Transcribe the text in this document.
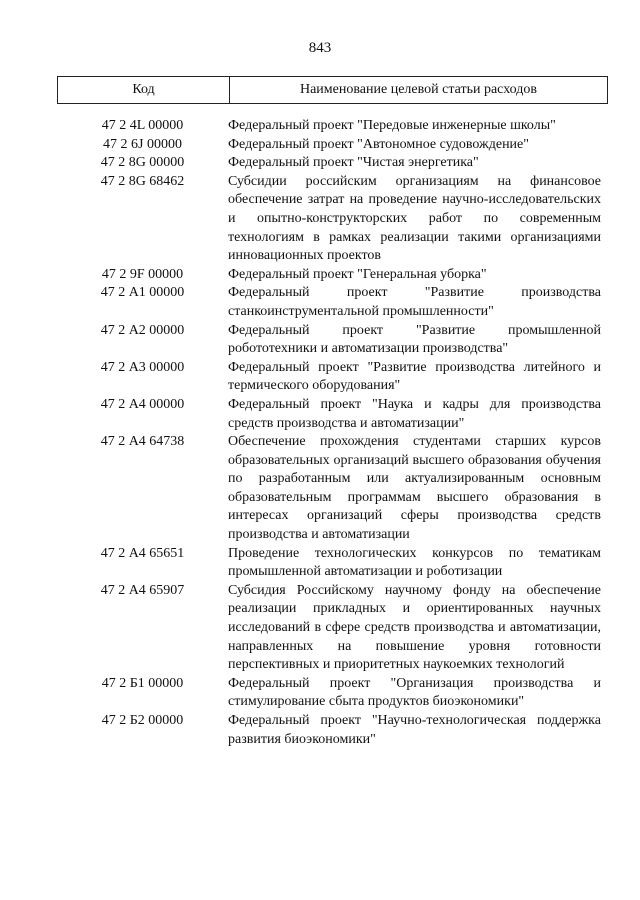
843
Код	Наименование целевой статьи расходов
47 2 4L 00000	Федеральный проект "Передовые инженерные школы"
47 2 6J 00000	Федеральный проект "Автономное судовождение"
47 2 8G 00000	Федеральный проект "Чистая энергетика"
47 2 8G 68462	Субсидии российским организациям на финансовое обеспечение затрат на проведение научно-исследовательских и опытно-конструкторских работ по современным технологиям в рамках реализации такими организациями инновационных проектов
47 2 9F 00000	Федеральный проект "Генеральная уборка"
47 2 А1 00000	Федеральный проект "Развитие производства станкоинструментальной промышленности"
47 2 А2 00000	Федеральный проект "Развитие промышленной робототехники и автоматизации производства"
47 2 А3 00000	Федеральный проект "Развитие производства литейного и термического оборудования"
47 2 А4 00000	Федеральный проект "Наука и кадры для производства средств производства и автоматизации"
47 2 А4 64738	Обеспечение прохождения студентами старших курсов образовательных организаций высшего образования обучения по разработанным или актуализированным основным образовательным программам высшего образования в интересах организаций сферы производства средств производства и автоматизации
47 2 А4 65651	Проведение технологических конкурсов по тематикам промышленной автоматизации и роботизации
47 2 А4 65907	Субсидия Российскому научному фонду на обеспечение реализации прикладных и ориентированных научных исследований в сфере средств производства и автоматизации, направленных на повышение уровня готовности перспективных и приоритетных наукоемких технологий
47 2 Б1 00000	Федеральный проект "Организация производства и стимулирование сбыта продуктов биоэкономики"
47 2 Б2 00000	Федеральный проект "Научно-технологическая поддержка развития биоэкономики"
